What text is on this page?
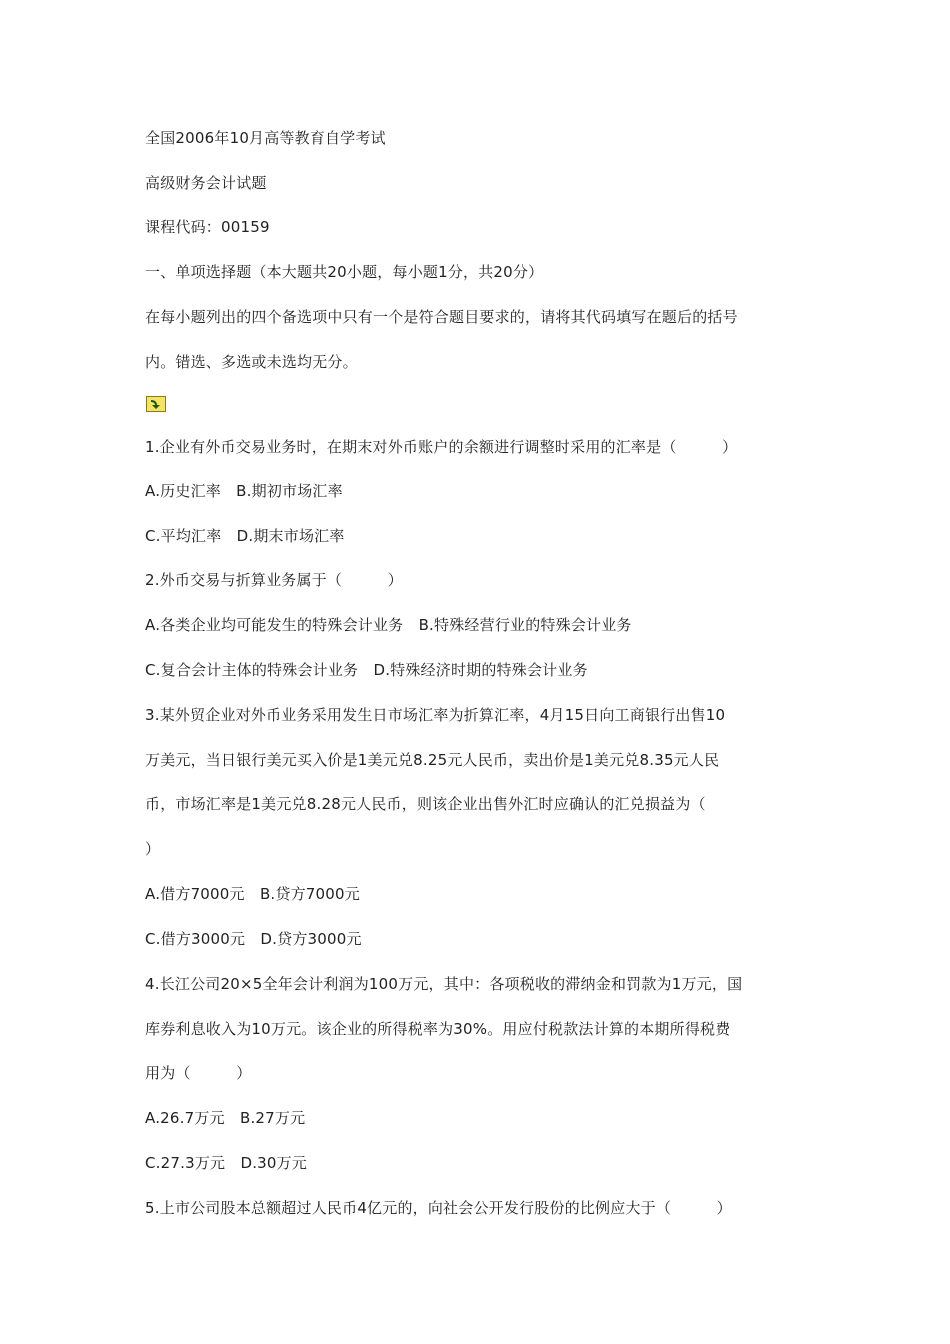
全国2006年10月高等教育自学考试
高级财务会计试题
课程代码：00159
一、单项选择题（本大题共20小题，每小题1分，共20分）
在每小题列出的四个备选项中只有一个是符合题目要求的，请将其代码填写在题后的括号
内。错选、多选或未选均无分。
1.企业有外币交易业务时，在期末对外币账户的余额进行调整时采用的汇率是（　　　）
A.历史汇率　B.期初市场汇率
C.平均汇率　D.期末市场汇率
2.外币交易与折算业务属于（　　　）
A.各类企业均可能发生的特殊会计业务　B.特殊经营行业的特殊会计业务
C.复合会计主体的特殊会计业务　D.特殊经济时期的特殊会计业务
3.某外贸企业对外币业务采用发生日市场汇率为折算汇率，4月15日向工商银行出售10
万美元，当日银行美元买入价是1美元兑8.25元人民币，卖出价是1美元兑8.35元人民
币，市场汇率是1美元兑8.28元人民币，则该企业出售外汇时应确认的汇兑损益为（
）
A.借方7000元　B.贷方7000元
C.借方3000元　D.贷方3000元
4.长江公司20×5全年会计利润为100万元，其中：各项税收的滞纳金和罚款为1万元，国
库券利息收入为10万元。该企业的所得税率为30%。用应付税款法计算的本期所得税费
用为（　　　）
A.26.7万元　B.27万元
C.27.3万元　D.30万元
5.上市公司股本总额超过人民币4亿元的，向社会公开发行股份的比例应大于（　　　）
